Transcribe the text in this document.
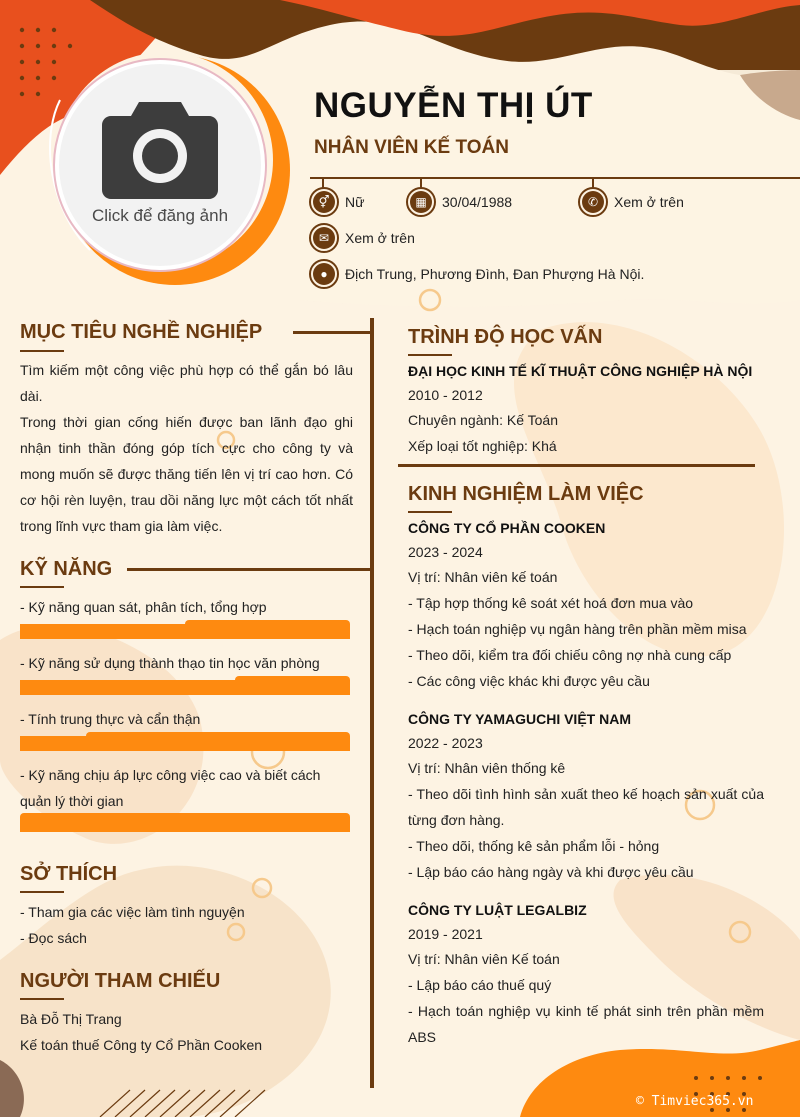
Click để đăng ảnh
NGUYỄN THỊ ÚT
NHÂN VIÊN KẾ TOÁN
⚥	Nữ	▦	30/04/1988	✆	Xem ở trên
✉	Xem ở trên
●	Địch Trung, Phương Đình, Đan Phượng Hà Nội.
MỤC TIÊU NGHỀ NGHIỆP
Tìm kiếm một công việc phù hợp có thể gắn bó lâu dài.
Trong thời gian cống hiến được ban lãnh đạo ghi nhận tinh thần đóng góp tích cực cho công ty và mong muốn sẽ được thăng tiến lên vị trí cao hơn. Có cơ hội rèn luyện, trau dồi năng lực một cách tốt nhất trong lĩnh vực tham gia làm việc.
KỸ NĂNG
- Kỹ năng quan sát, phân tích, tổng hợp
- Kỹ năng sử dụng thành thạo tin học văn phòng
- Tính trung thực và cẩn thận
- Kỹ năng chịu áp lực công việc cao và biết cách quản lý thời gian
SỞ THÍCH
- Tham gia các việc làm tình nguyện
- Đọc sách
NGƯỜI THAM CHIẾU
Bà Đỗ Thị Trang
Kế toán thuế Công ty Cổ Phần Cooken
TRÌNH ĐỘ HỌC VẤN
ĐẠI HỌC KINH TẾ KĨ THUẬT CÔNG NGHIỆP HÀ NỘI
2010 - 2012
Chuyên ngành: Kế Toán
Xếp loại tốt nghiệp: Khá
KINH NGHIỆM LÀM VIỆC
CÔNG TY CỔ PHẦN COOKEN
2023 - 2024
Vị trí: Nhân viên kế toán
- Tập hợp thống kê soát xét hoá đơn mua vào
- Hạch toán nghiệp vụ ngân hàng trên phần mềm misa
- Theo dõi, kiểm tra đối chiếu công nợ nhà cung cấp
- Các công việc khác khi được yêu cầu
CÔNG TY YAMAGUCHI VIỆT NAM
2022 - 2023
Vị trí: Nhân viên thống kê
- Theo dõi tình hình sản xuất theo kế hoạch sản xuất của từng đơn hàng.
- Theo dõi, thống kê sản phẩm lỗi - hỏng
- Lập báo cáo hàng ngày và khi được yêu cầu
CÔNG TY LUẬT LEGALBIZ
2019 - 2021
Vị trí: Nhân viên Kế toán
- Lập báo cáo thuế quý
- Hạch toán nghiệp vụ kinh tế phát sinh trên phần mềm ABS
© Timviec365.vn
